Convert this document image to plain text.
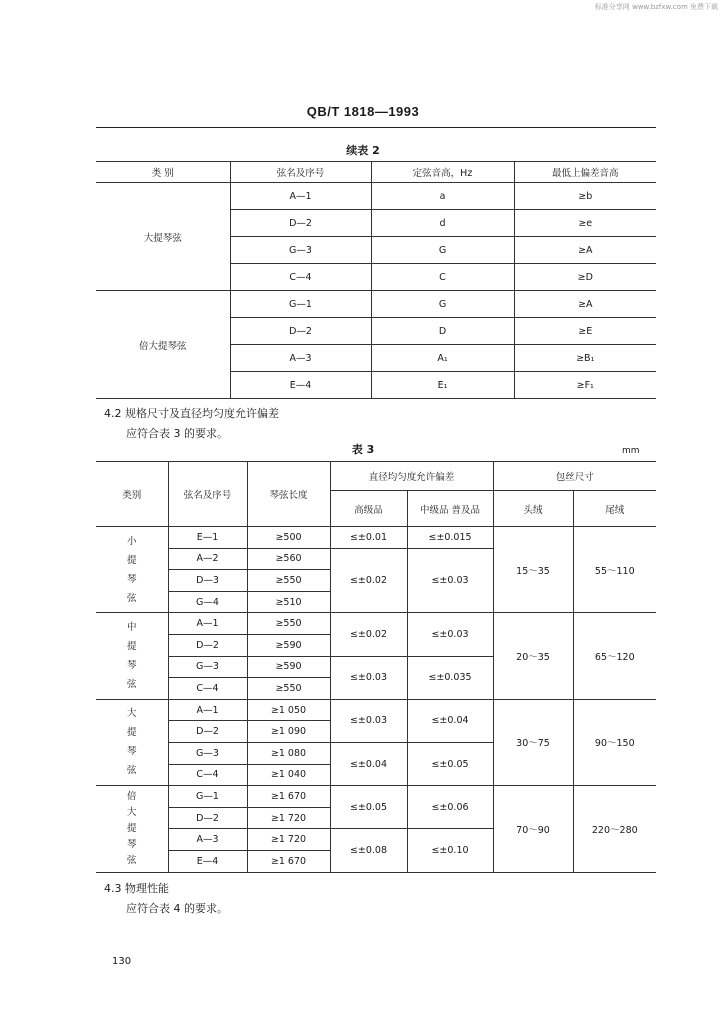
标准分享网 www.bzfxw.com 免费下载
QB/T 1818—1993
续表 2
类 别	弦名及序号	定弦音高，Hz	最低上偏差音高
大提琴弦	A—1	a	≥b
	D—2	d	≥e
	G—3	G	≥A
	C—4	C	≥D
倍大提琴弦	G—1	G	≥A
	D—2	D	≥E
	A—3	A₁	≥B₁
	E—4	E₁	≥F₁
4.2 规格尺寸及直径均匀度允许偏差
应符合表 3 的要求。
表 3	mm
类别	弦名及序号	琴弦长度	直径均匀度允许偏差		包丝尺寸	
			高级品	中级品 普及品	头绒	尾绒

小
提
琴
弦	E—1	≥500	≤±0.01	≤±0.015	15～35	55～110
	A—2	≥560	≤±0.02	≤±0.03		
	D—3	≥550				
	G—4	≥510				

中
提
琴
弦	A—1	≥550	≤±0.02	≤±0.03	20～35	65～120
	D—2	≥590				
	G—3	≥590	≤±0.03	≤±0.035		
	C—4	≥550				

大
提
琴
弦	A—1	≥1 050	≤±0.03	≤±0.04	30～75	90～150
	D—2	≥1 090				
	G—3	≥1 080	≤±0.04	≤±0.05		
	C—4	≥1 040				

倍
大
提
琴
弦	G—1	≥1 670	≤±0.05	≤±0.06	70～90	220～280
	D—2	≥1 720				
	A—3	≥1 720	≤±0.08	≤±0.10		
	E—4	≥1 670				
4.3 物理性能
应符合表 4 的要求。
130
